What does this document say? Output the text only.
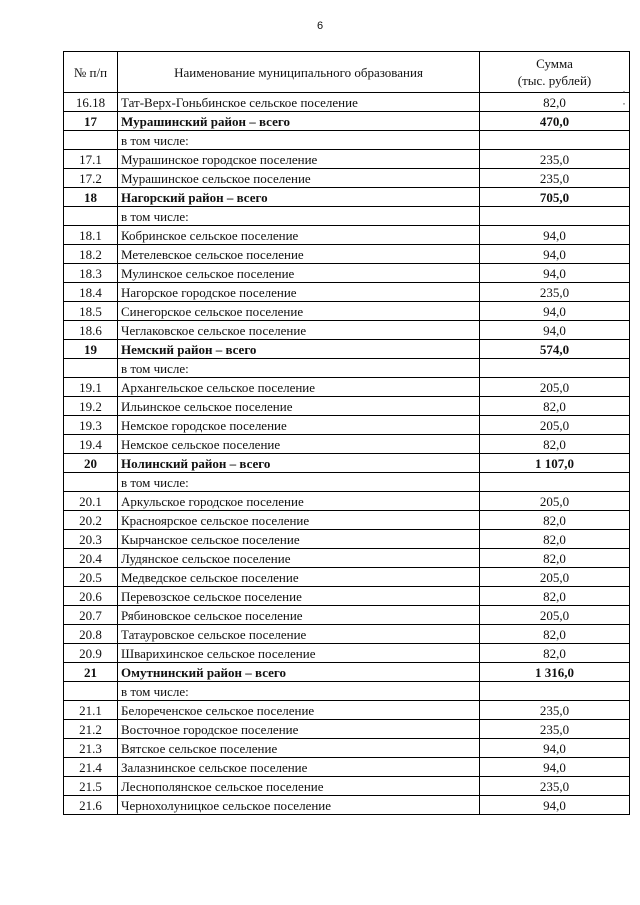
6
№ п/п	Наименование муниципального образования	Сумма
(тыс. рублей)

16.18	Тат-Верх-Гоньбинское сельское поселение	82,0
17	Мурашинский район – всего	470,0
	в том числе:	
17.1	Мурашинское городское поселение	235,0
17.2	Мурашинское сельское поселение	235,0
18	Нагорский район – всего	705,0
	в том числе:	
18.1	Кобринское сельское поселение	94,0
18.2	Метелевское сельское поселение	94,0
18.3	Мулинское сельское поселение	94,0
18.4	Нагорское городское поселение	235,0
18.5	Синегорское сельское поселение	94,0
18.6	Чеглаковское сельское поселение	94,0
19	Немский район – всего	574,0
	в том числе:	
19.1	Архангельское сельское поселение	205,0
19.2	Ильинское сельское поселение	82,0
19.3	Немское городское поселение	205,0
19.4	Немское сельское поселение	82,0
20	Нолинский район – всего	1 107,0
	в том числе:	
20.1	Аркульское городское поселение	205,0
20.2	Красноярское сельское поселение	82,0
20.3	Кырчанское сельское поселение	82,0
20.4	Лудянское сельское поселение	82,0
20.5	Медведское сельское поселение	205,0
20.6	Перевозское сельское поселение	82,0
20.7	Рябиновское сельское поселение	205,0
20.8	Татауровское сельское поселение	82,0
20.9	Шварихинское сельское поселение	82,0
21	Омутнинский район – всего	1 316,0
	в том числе:	
21.1	Белореченское сельское поселение	235,0
21.2	Восточное городское поселение	235,0
21.3	Вятское сельское поселение	94,0
21.4	Залазнинское сельское поселение	94,0
21.5	Леснополянское сельское поселение	235,0
21.6	Чернохолуницкое сельское поселение	94,0
·
·
